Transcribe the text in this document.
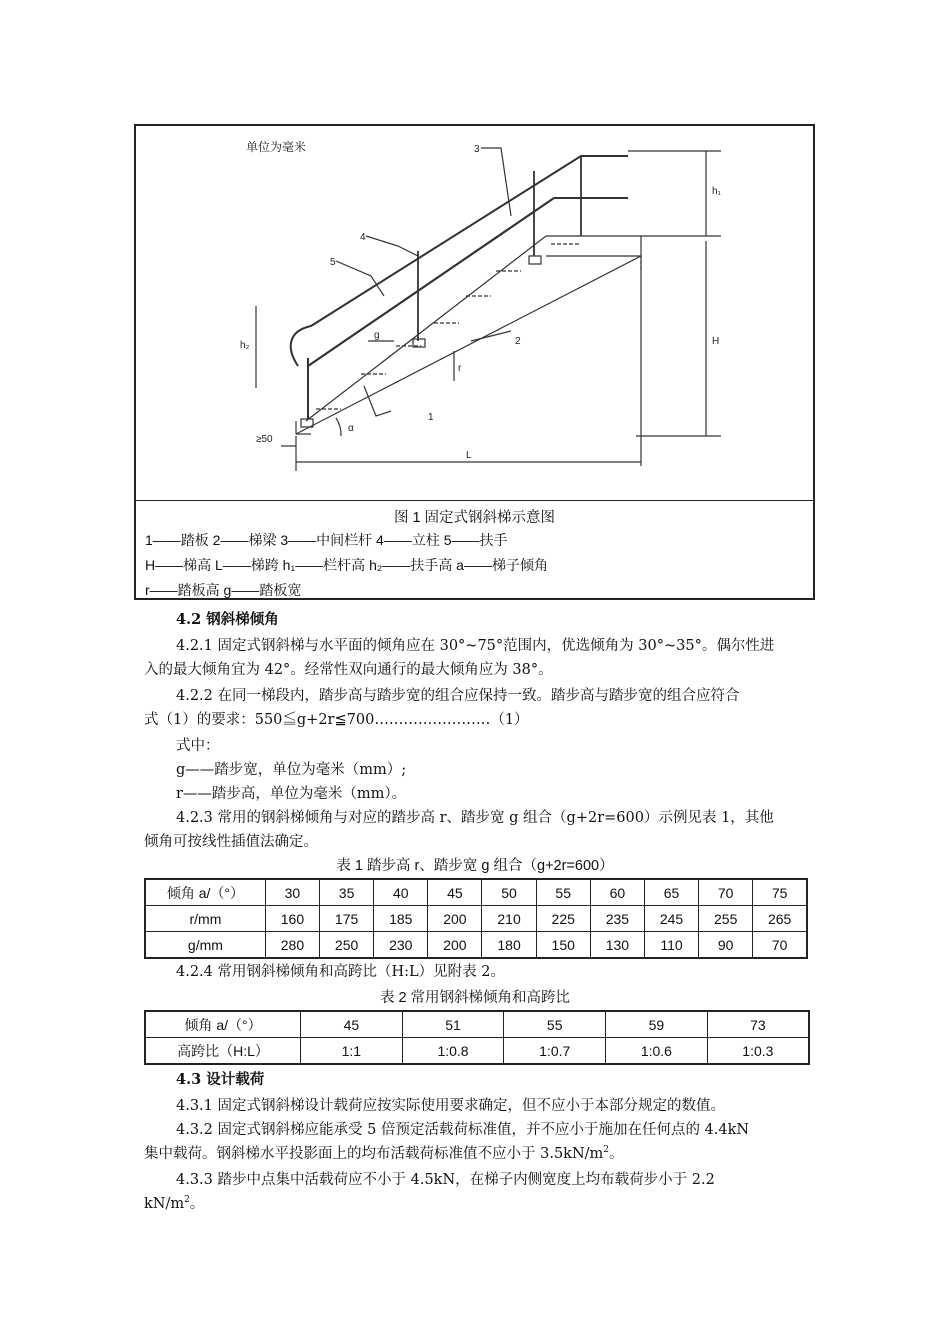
单位为毫米	3
4
5
2
1
h₁
H
h₂
L
g
r
α
≥50
图 1 固定式钢斜梯示意图
1——踏板 2——梯梁 3——中间栏杆 4——立柱 5——扶手
H——梯高 L——梯跨 h₁——栏杆高 h₂——扶手高 a——梯子倾角
r——踏板高 g——踏板宽
4.2 钢斜梯倾角
4.2.1 固定式钢斜梯与水平面的倾角应在 30°~75°范围内，优选倾角为 30°~35°。偶尔性进
入的最大倾角宜为 42°。经常性双向通行的最大倾角应为 38°。
4.2.2 在同一梯段内，踏步高与踏步宽的组合应保持一致。踏步高与踏步宽的组合应符合
式（1）的要求：550≦g+2r≦700……………………（1）
式中：
g——踏步宽，单位为毫米（mm）;
r——踏步高，单位为毫米（mm）。
4.2.3 常用的钢斜梯倾角与对应的踏步高 r、踏步宽 g 组合（g+2r=600）示例见表 1，其他
倾角可按线性插值法确定。
表 1 踏步高 r、踏步宽 g 组合（g+2r=600）
倾角 a/（°）	30	35	40	45	50	55	60	65	70	75
r/mm	160	175	185	200	210	225	235	245	255	265
g/mm	280	250	230	200	180	150	130	110	90	70
4.2.4 常用钢斜梯倾角和高跨比（H:L）见附表 2。
表 2 常用钢斜梯倾角和高跨比
倾角 a/（°）	45	51	55	59	73
高跨比（H:L）	1:1	1:0.8	1:0.7	1:0.6	1:0.3
4.3 设计载荷
4.3.1 固定式钢斜梯设计载荷应按实际使用要求确定，但不应小于本部分规定的数值。
4.3.2 固定式钢斜梯应能承受 5 倍预定活载荷标准值，并不应小于施加在任何点的 4.4kN
集中载荷。钢斜梯水平投影面上的均布活载荷标准值不应小于 $3.5kN/m^2$。
4.3.3 踏步中点集中活载荷应不小于 4.5kN，在梯子内侧宽度上均布载荷步小于 2.2
$kN/m^2$。
